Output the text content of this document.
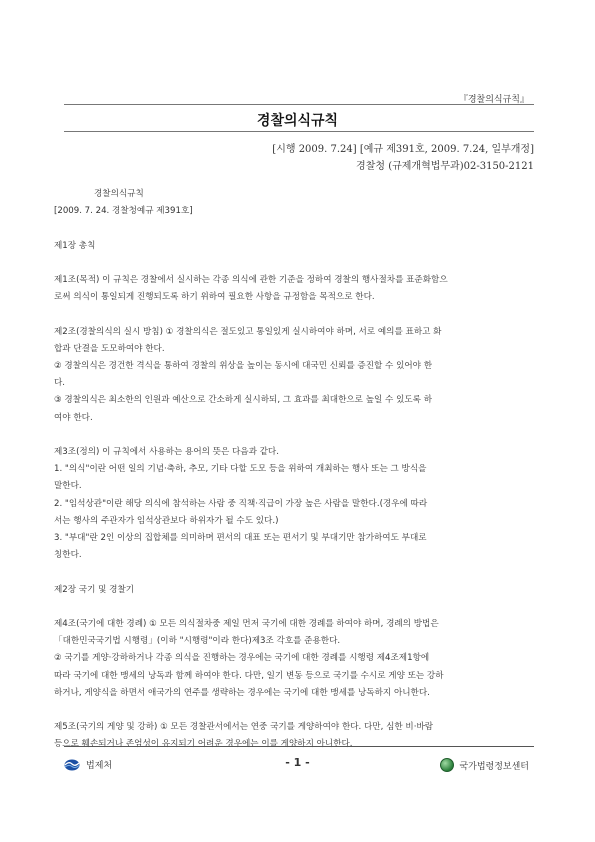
『경찰의식규칙』
경찰의식규칙
[시행 2009. 7.24] [예규 제391호, 2009. 7.24, 일부개정]
경찰청 (규제개혁법무과)02-3150-2121

경찰의식규칙

[2009. 7. 24. 경찰청예규 제391호]

제1장 총칙

제1조(목적) 이 규칙은 경찰에서 실시하는 각종 의식에 관한 기준을 정하여 경찰의 행사절차를 표준화함으

로써 의식이 통일되게 진행되도록 하기 위하여 필요한 사항을 규정함을 목적으로 한다.

제2조(경찰의식의 실시 방침) ① 경찰의식은 절도있고 통일있게 실시하여야 하며, 서로 예의를 표하고 화

합과 단결을 도모하여야 한다.

② 경찰의식은 경건한 격식을 통하여 경찰의 위상을 높이는 동시에 대국민 신뢰를 증진할 수 있어야 한

다.

③ 경찰의식은 최소한의 인원과 예산으로 간소하게 실시하되, 그 효과를 최대한으로 높일 수 있도록 하

여야 한다.

제3조(정의) 이 규칙에서 사용하는 용어의 뜻은 다음과 같다.

1. "의식"이란 어떤 일의 기념·축하, 추모, 기타 다할 도모 등을 위하여 개최하는 행사 또는 그 방식을

말한다.

2. "임석상관"이란 해당 의식에 참석하는 사람 중 직책·직급이 가장 높은 사람을 말한다.(경우에 따라

서는 행사의 주관자가 임석상관보다 하위자가 될 수도 있다.)

3. "부대"란 2인 이상의 집합체를 의미하며 편서의 대표 또는 편서기 및 부대기만 참가하여도 부대로

칭한다.

제2장 국기 및 경찰기

제4조(국기에 대한 경례) ① 모든 의식절차중 제일 먼저 국기에 대한 경례를 하여야 하며, 경례의 방법은

「대한민국국기법 시행령」(이하 "시행령"이라 한다)제3조 각호를 준용한다.

② 국기를 게양·강하하거나 각종 의식을 진행하는 경우에는 국기에 대한 경례를 시행령 제4조제1항에

따라 국기에 대한 맹세의 낭독과 함께 하여야 한다. 다만, 일기 변동 등으로 국기를 수시로 게양 또는 강하

하거나, 게양식을 하면서 애국가의 연주를 생략하는 경우에는 국기에 대한 맹세를 낭독하지 아니한다.

제5조(국기의 게양 및 강하) ① 모든 경찰관서에서는 연중 국기를 게양하여야 한다. 다만, 심한 비·바람

등으로 훼손되거나 존엄성이 유지되기 어려운 경우에는 이를 게양하지 아니한다.

법제처	- 1 -	국가법령정보센터
